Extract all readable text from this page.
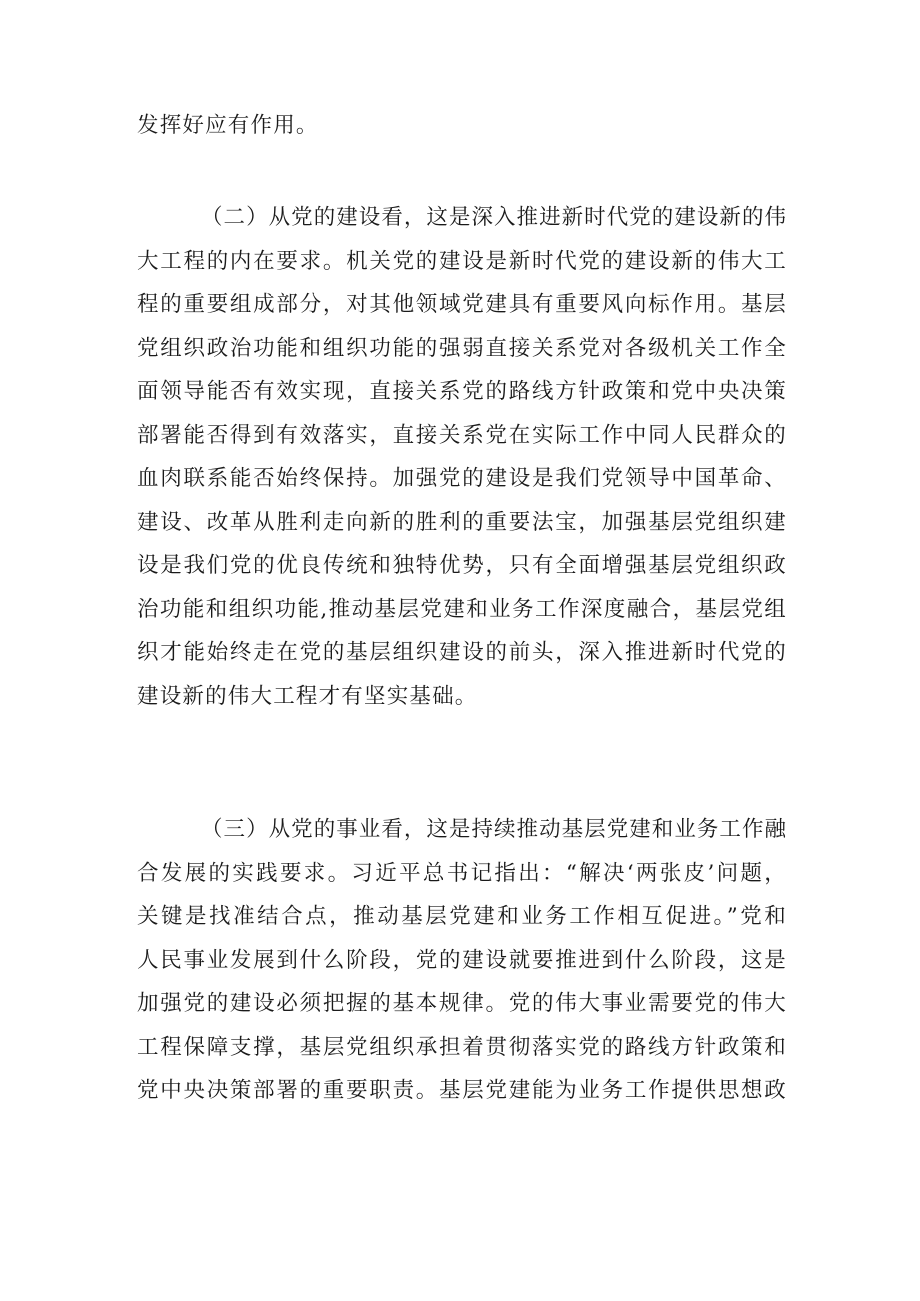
发挥好应有作用。
（二）从党的建设看，这是深入推进新时代党的建设新的伟
大工程的内在要求。机关党的建设是新时代党的建设新的伟大工
程的重要组成部分，对其他领域党建具有重要风向标作用。基层
党组织政治功能和组织功能的强弱直接关系党对各级机关工作全
面领导能否有效实现，直接关系党的路线方针政策和党中央决策
部署能否得到有效落实，直接关系党在实际工作中同人民群众的
血肉联系能否始终保持。加强党的建设是我们党领导中国革命、
建设、改革从胜利走向新的胜利的重要法宝，加强基层党组织建
设是我们党的优良传统和独特优势，只有全面增强基层党组织政
治功能和组织功能,推动基层党建和业务工作深度融合，基层党组
织才能始终走在党的基层组织建设的前头，深入推进新时代党的
建设新的伟大工程才有坚实基础。
（三）从党的事业看，这是持续推动基层党建和业务工作融
合发展的实践要求。习近平总书记指出：“解决‘两张皮’问题，
关键是找准结合点，推动基层党建和业务工作相互促进。”党和
人民事业发展到什么阶段，党的建设就要推进到什么阶段，这是
加强党的建设必须把握的基本规律。党的伟大事业需要党的伟大
工程保障支撑，基层党组织承担着贯彻落实党的路线方针政策和
党中央决策部署的重要职责。基层党建能为业务工作提供思想政
